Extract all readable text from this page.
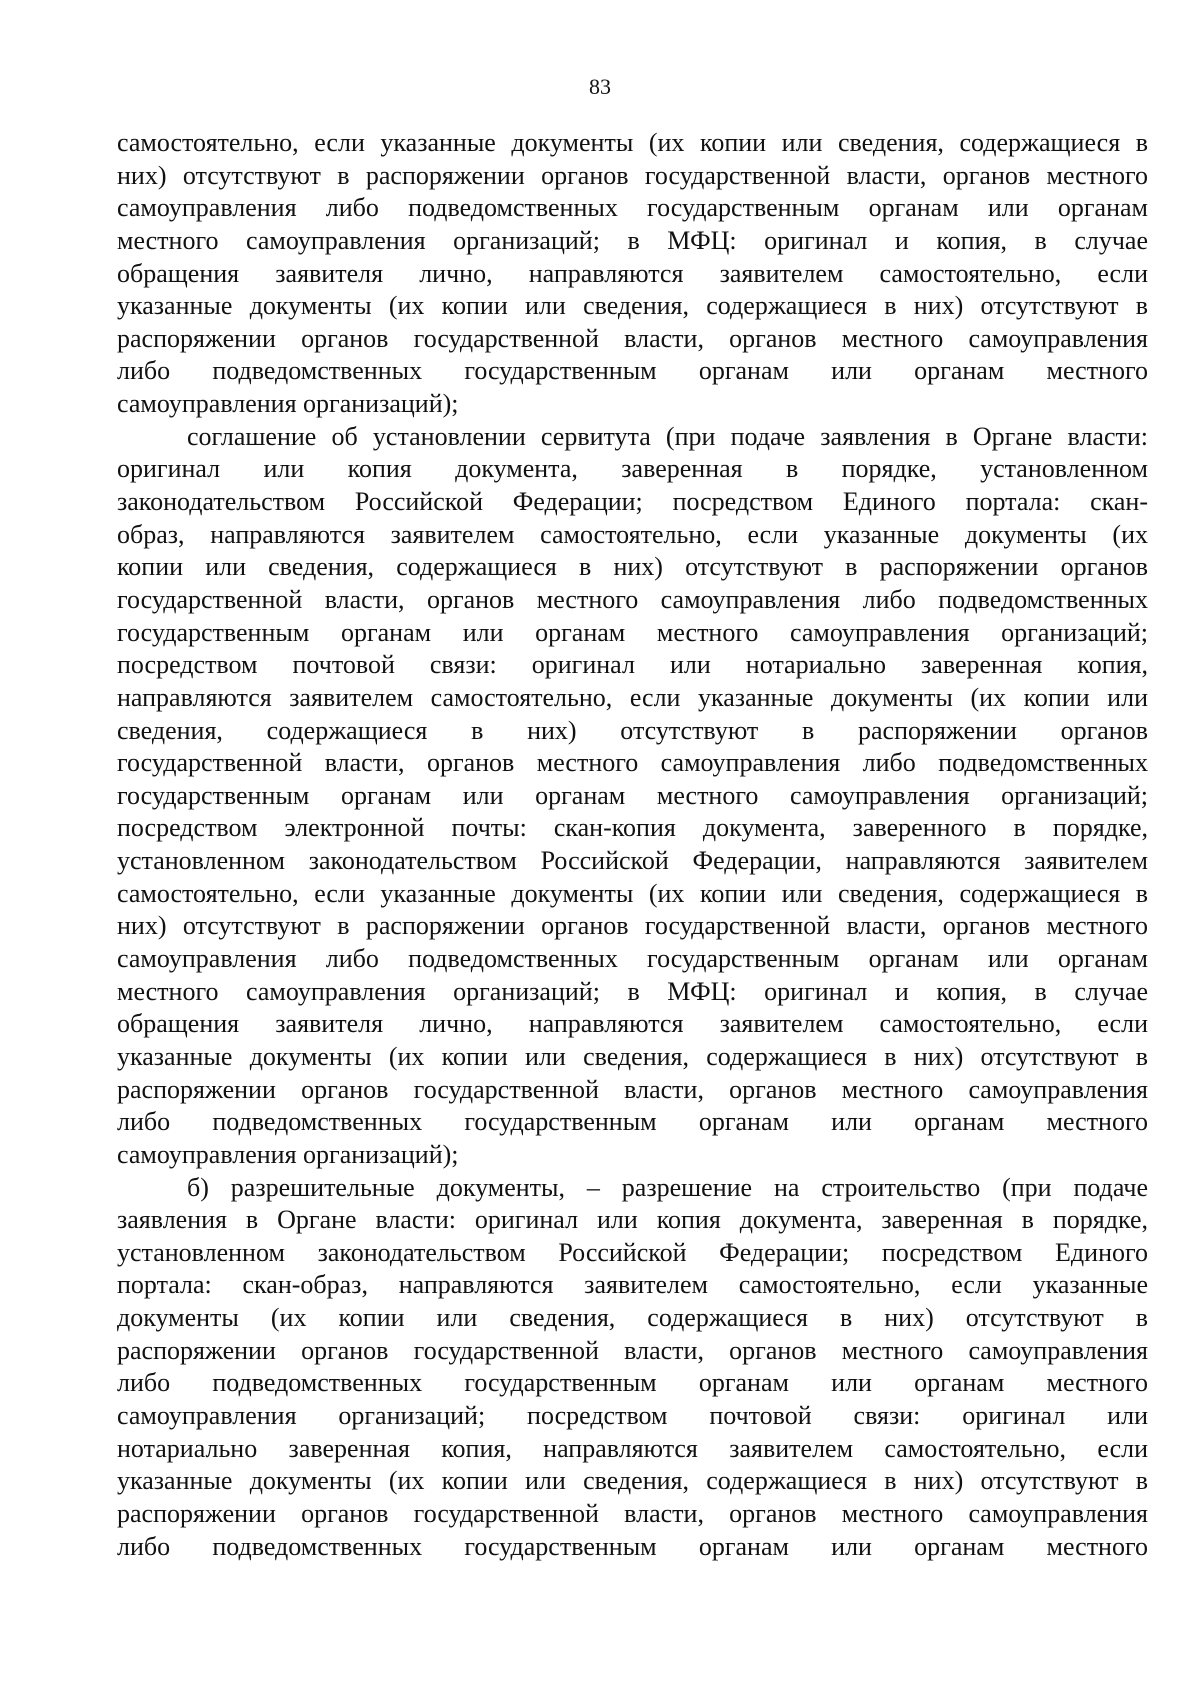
83
самостоятельно, если указанные документы (их копии или сведения, содержащиеся в
них) отсутствуют в распоряжении органов государственной власти, органов местного
самоуправления либо подведомственных государственным органам или органам
местного самоуправления организаций; в МФЦ: оригинал и копия, в случае
обращения заявителя лично, направляются заявителем самостоятельно, если
указанные документы (их копии или сведения, содержащиеся в них) отсутствуют в
распоряжении органов государственной власти, органов местного самоуправления
либо подведомственных государственным органам или органам местного
самоуправления организаций);
соглашение об установлении сервитута (при подаче заявления в Органе власти:
оригинал или копия документа, заверенная в порядке, установленном
законодательством Российской Федерации; посредством Единого портала: скан-
образ, направляются заявителем самостоятельно, если указанные документы (их
копии или сведения, содержащиеся в них) отсутствуют в распоряжении органов
государственной власти, органов местного самоуправления либо подведомственных
государственным органам или органам местного самоуправления организаций;
посредством почтовой связи: оригинал или нотариально заверенная копия,
направляются заявителем самостоятельно, если указанные документы (их копии или
сведения, содержащиеся в них) отсутствуют в распоряжении органов
государственной власти, органов местного самоуправления либо подведомственных
государственным органам или органам местного самоуправления организаций;
посредством электронной почты: скан-копия документа, заверенного в порядке,
установленном законодательством Российской Федерации, направляются заявителем
самостоятельно, если указанные документы (их копии или сведения, содержащиеся в
них) отсутствуют в распоряжении органов государственной власти, органов местного
самоуправления либо подведомственных государственным органам или органам
местного самоуправления организаций; в МФЦ: оригинал и копия, в случае
обращения заявителя лично, направляются заявителем самостоятельно, если
указанные документы (их копии или сведения, содержащиеся в них) отсутствуют в
распоряжении органов государственной власти, органов местного самоуправления
либо подведомственных государственным органам или органам местного
самоуправления организаций);
б) разрешительные документы, – разрешение на строительство (при подаче
заявления в Органе власти: оригинал или копия документа, заверенная в порядке,
установленном законодательством Российской Федерации; посредством Единого
портала: скан-образ, направляются заявителем самостоятельно, если указанные
документы (их копии или сведения, содержащиеся в них) отсутствуют в
распоряжении органов государственной власти, органов местного самоуправления
либо подведомственных государственным органам или органам местного
самоуправления организаций; посредством почтовой связи: оригинал или
нотариально заверенная копия, направляются заявителем самостоятельно, если
указанные документы (их копии или сведения, содержащиеся в них) отсутствуют в
распоряжении органов государственной власти, органов местного самоуправления
либо подведомственных государственным органам или органам местного
